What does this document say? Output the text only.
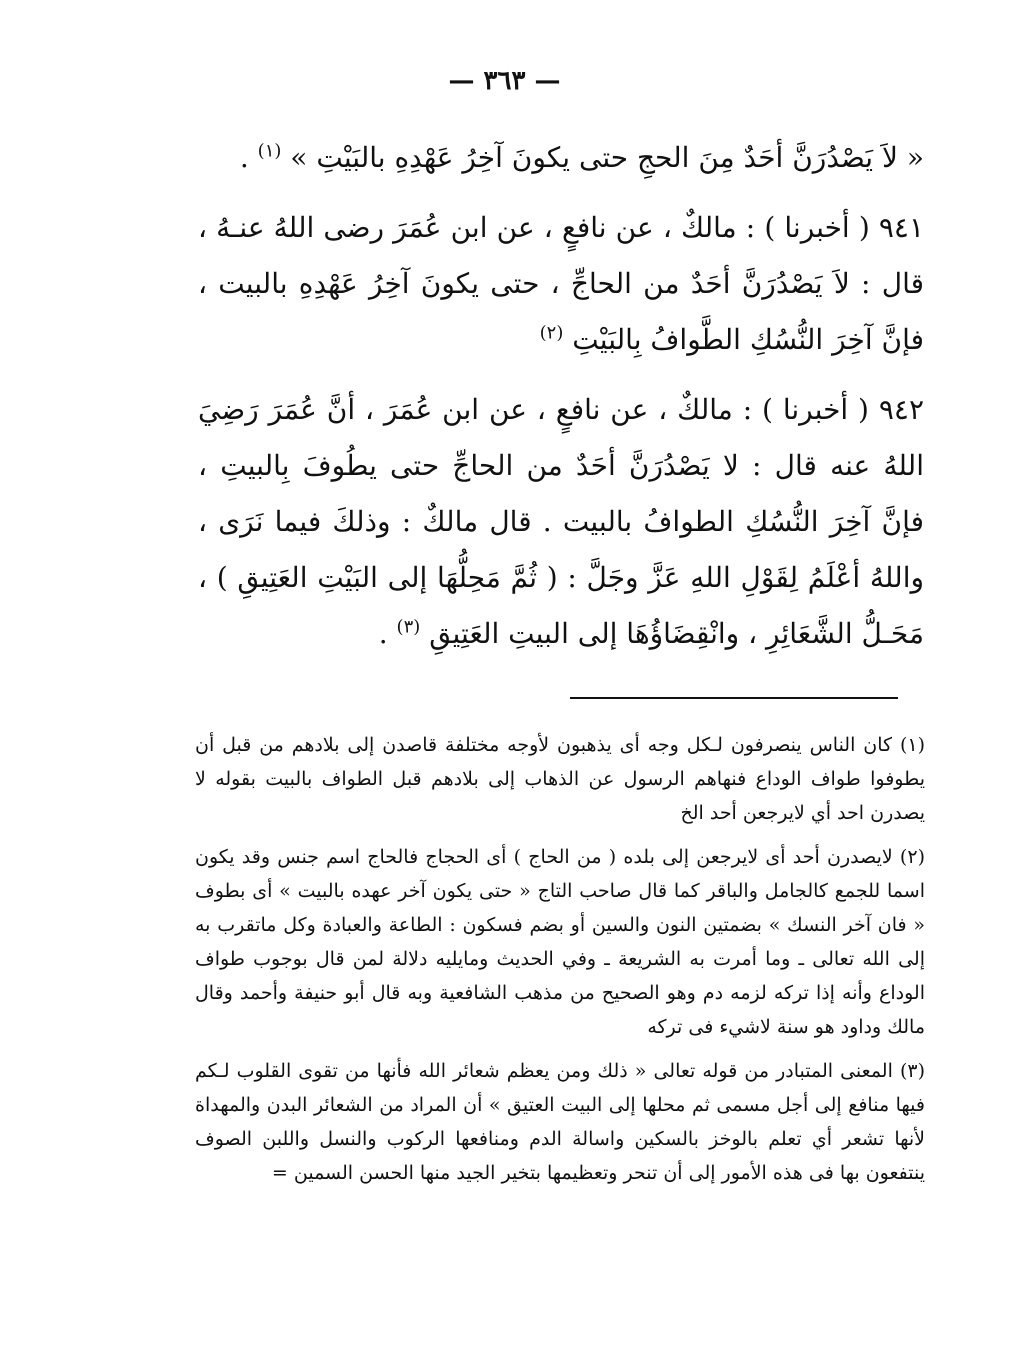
— ٣٦٣ —

« لاَ يَصْدُرَنَّ أحَدٌ مِنَ الحجِ حتى يكونَ آخِرُ عَهْدِهِ بالبَيْتِ » $^{(١)}$ .

٩٤١ ( أخبرنا ) : مالكٌ ، عن نافعٍ ، عن ابن عُمَرَ رضى اللهُ عنـهُ ، قال : لاَ يَصْدُرَنَّ أحَدٌ من الحاجِّ ، حتى يكونَ آخِرُ عَهْدِهِ بالبيت ، فإنَّ آخِرَ النُّسُكِ الطَّوافُ بِالبَيْتِ $^{(٢)}$

٩٤٢ ( أخبرنا ) : مالكٌ ، عن نافعٍ ، عن ابن عُمَرَ ، أنَّ عُمَرَ رَضِيَ اللهُ عنه قال : لا يَصْدُرَنَّ أحَدٌ من الحاجِّ حتى يطُوفَ بِالبيتِ ، فإنَّ آخِرَ النُّسُكِ الطوافُ بالبيت . قال مالكٌ : وذلكَ فيما نَرَى ، واللهُ أعْلَمُ لِقَوْلِ اللهِ عَزَّ وجَلَّ : ( ثُمَّ مَحِلُّهَا إلى البَيْتِ العَتِيقِ ) ، مَحَـلُّ الشَّعَائِرِ ، وانْقِضَاؤُهَا إلى البيتِ العَتِيقِ $^{(٣)}$ .

(١) كان الناس ينصرفون لـكل وجه أى يذهبون لأوجه مختلفة قاصدن إلى بلادهم من قبل أن يطوفوا طواف الوداع فنهاهم الرسول عن الذهاب إلى بلادهم قبل الطواف بالبيت بقوله لا يصدرن احد أي لايرجعن أحد الخ

(٢) لايصدرن أحد أى لايرجعن إلى بلده ( من الحاج ) أى الحجاج فالحاج اسم جنس وقد يكون اسما للجمع كالجامل والباقر كما قال صاحب التاج « حتى يكون آخر عهده بالبيت » أى بطوف « فان آخر النسك » بضمتين النون والسين أو بضم فسكون : الطاعة والعبادة وكل ماتقرب به إلى الله تعالى ـ وما أمرت به الشريعة ـ وفي الحديث ومايليه دلالة لمن قال بوجوب طواف الوداع وأنه إذا تركه لزمه دم وهو الصحيح من مذهب الشافعية وبه قال أبو حنيفة وأحمد وقال مالك وداود هو سنة لاشيء فى تركه

(٣) المعنى المتبادر من قوله تعالى « ذلك ومن يعظم شعائر الله فأنها من تقوى القلوب لـكم فيها منافع إلى أجل مسمى ثم محلها إلى البيت العتيق » أن المراد من الشعائر البدن والمهداة لأنها تشعر أي تعلم بالوخز بالسكين واسالة الدم ومنافعها الركوب والنسل واللبن الصوف ينتفعون بها فى هذه الأمور إلى أن تنحر وتعظيمها بتخير الجيد منها الحسن السمين =
